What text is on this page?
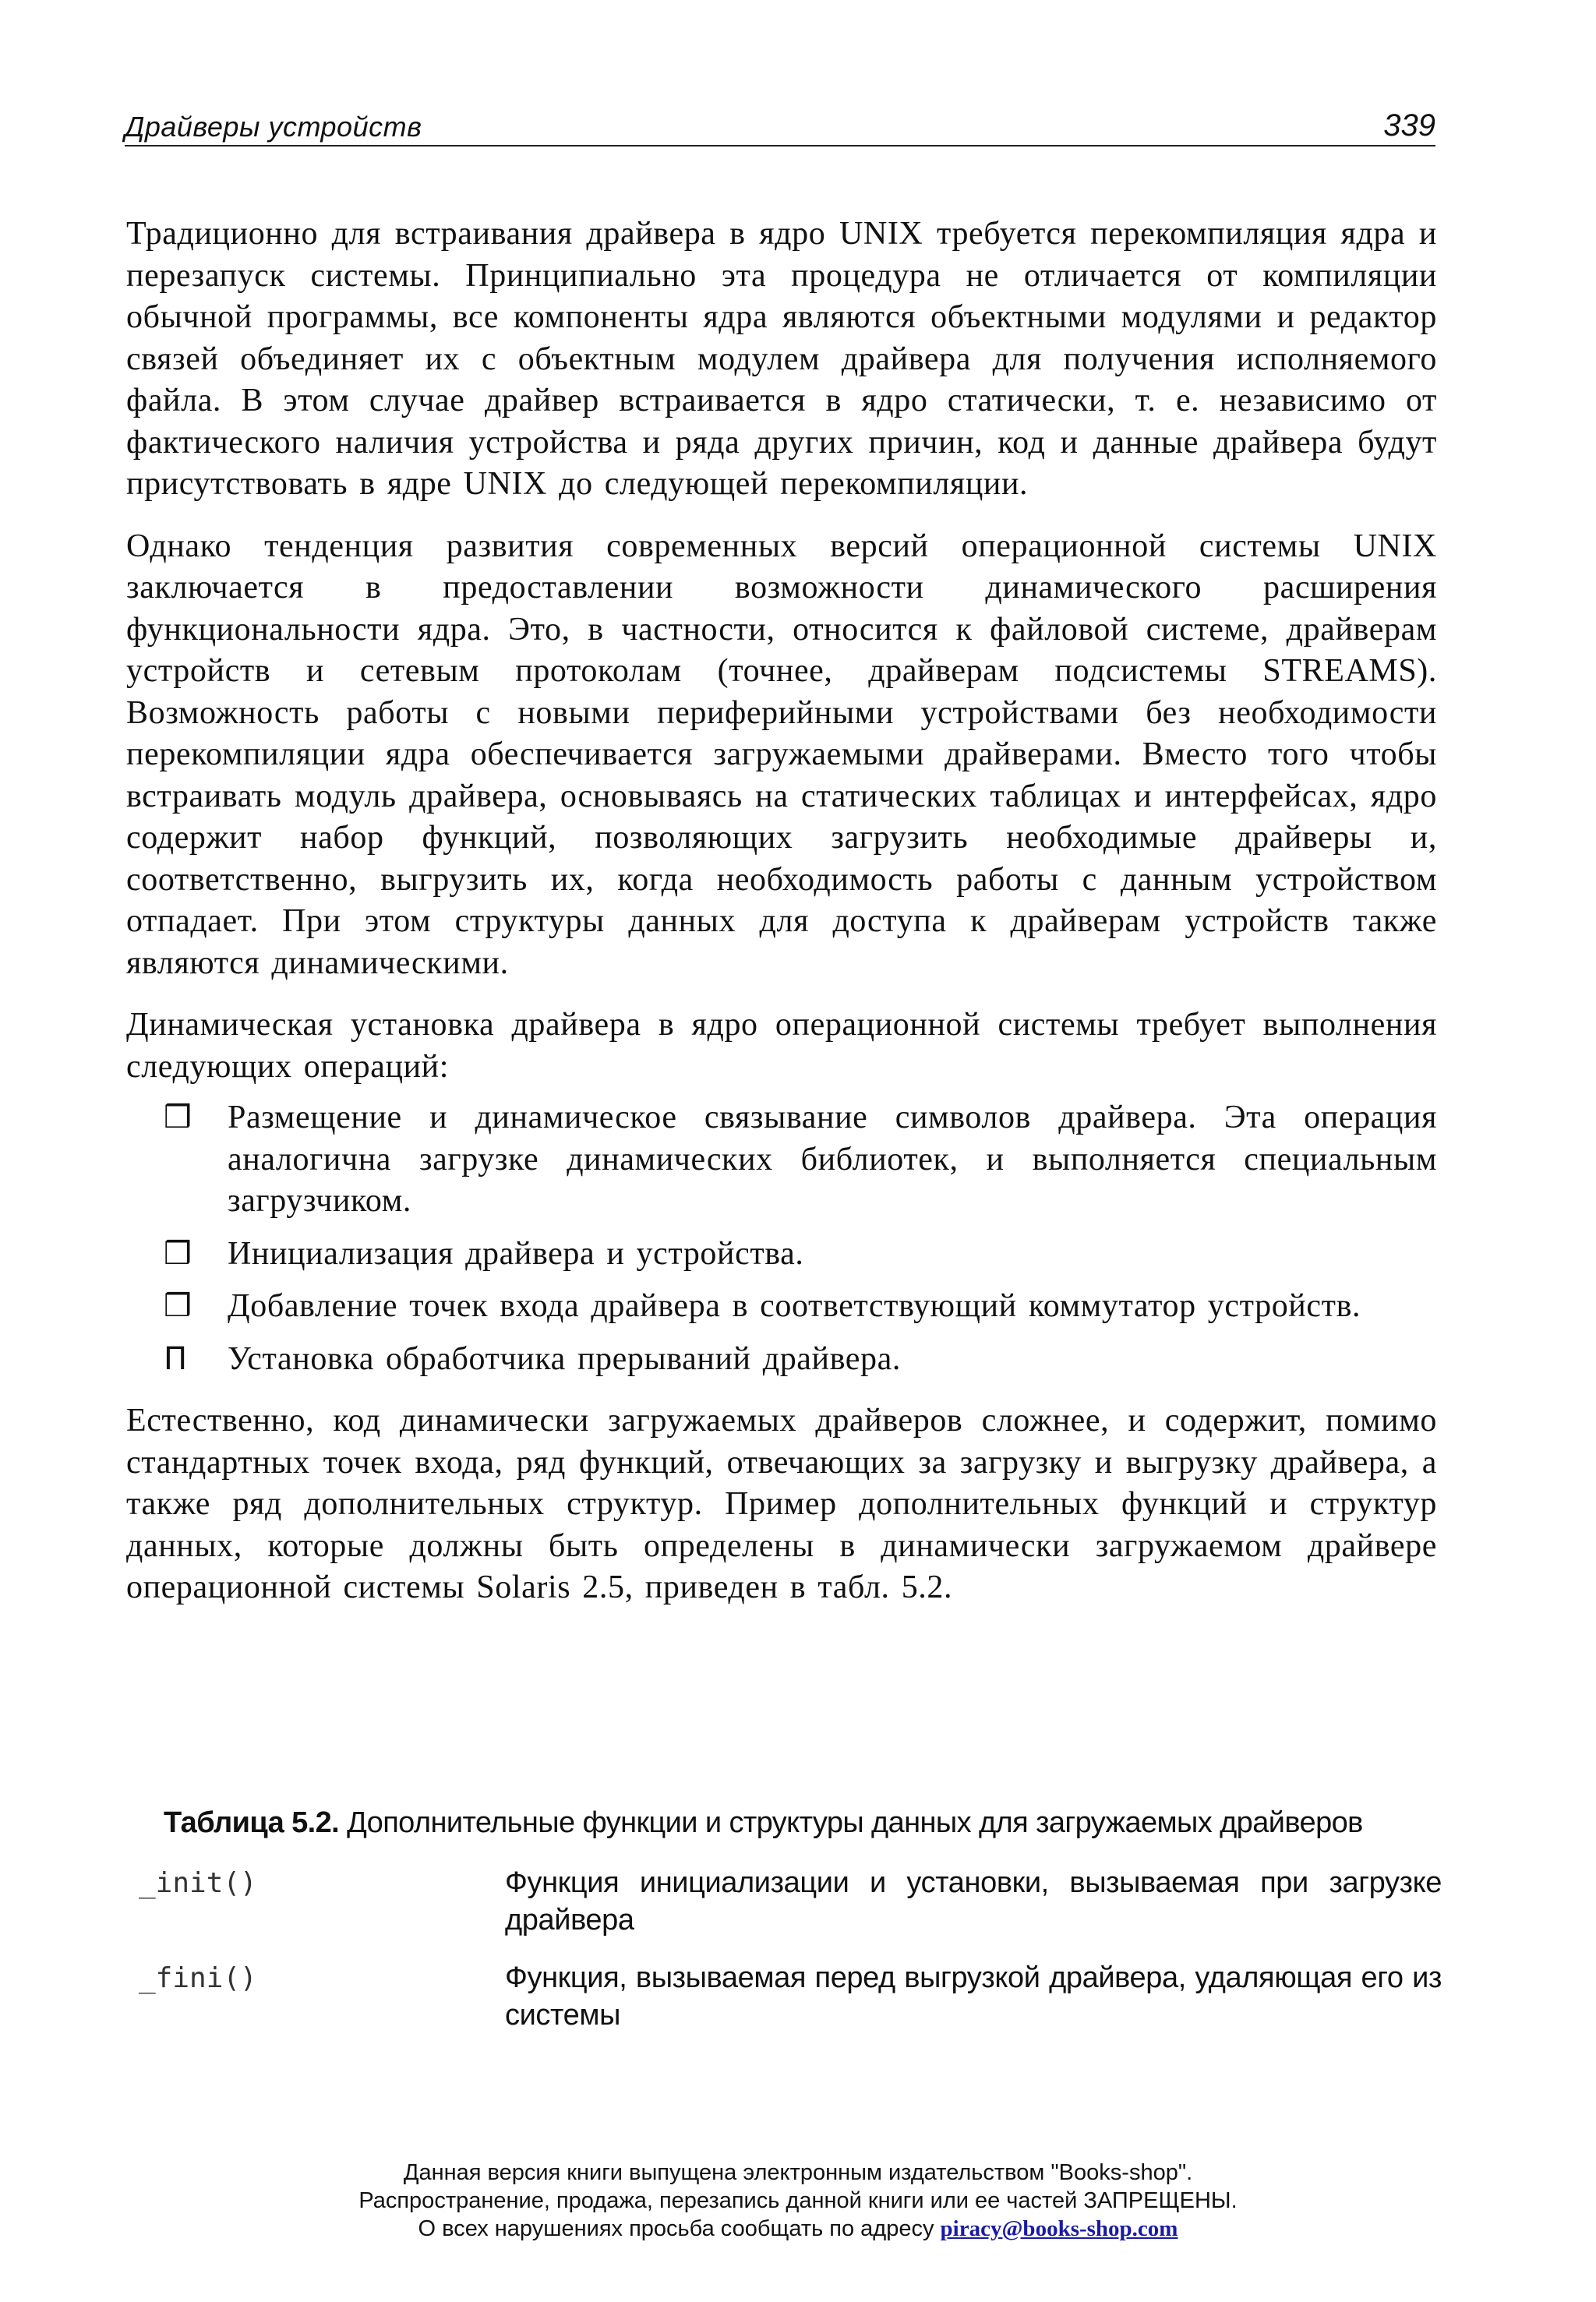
Драйверы устройств	339

Традиционно для встраивания драйвера в ядро UNIX требуется перекомпиляция ядра и перезапуск системы. Принципиально эта процедура не отличается от компиляции обычной программы, все компоненты ядра являются объектными модулями и редактор связей объединяет их с объектным модулем драйвера для получения исполняемого файла. В этом случае драйвер встраивается в ядро статически, т. е. независимо от фактического наличия устройства и ряда других причин, код и данные драйвера будут присутствовать в ядре UNIX до следующей перекомпиляции.

Однако тенденция развития современных версий операционной системы UNIX заключается в предоставлении возможности динамического расширения функциональности ядра. Это, в частности, относится к файловой системе, драйверам устройств и сетевым протоколам (точнее, драйверам подсистемы STREAMS). Возможность работы с новыми периферийными устройствами без необходимости перекомпиляции ядра обеспечивается загружаемыми драйверами. Вместо того чтобы встраивать модуль драйвера, основываясь на статических таблицах и интерфейсах, ядро содержит набор функций, позволяющих загрузить необходимые драйверы и, соответственно, выгрузить их, когда необходимость работы с данным устройством отпадает. При этом структуры данных для доступа к драйверам устройств также являются динамическими.

Динамическая установка драйвера в ядро операционной системы требует выполнения следующих операций:

❒	Размещение и динамическое связывание символов драйвера. Эта операция аналогична загрузке динамических библиотек, и выполняется специальным загрузчиком.
❒	Инициализация драйвера и устройства.
❒	Добавление точек входа драйвера в соответствующий коммутатор устройств.
П	Установка обработчика прерываний драйвера.

Естественно, код динамически загружаемых драйверов сложнее, и содержит, помимо стандартных точек входа, ряд функций, отвечающих за загрузку и выгрузку драйвера, а также ряд дополнительных структур. Пример дополнительных функций и структур данных, которые должны быть определены в динамически загружаемом драйвере операционной системы Solaris 2.5, приведен в табл. 5.2.

Таблица 5.2. Дополнительные функции и структуры данных для загружаемых драйверов
_init()	Функция инициализации и установки, вызываемая при загрузке драйвера
_fini()	Функция, вызываемая перед выгрузкой драйвера, удаляющая его из системы
Данная версия книги выпущена электронным издательством "Books-shop".
Распространение, продажа, перезапись данной книги или ее частей ЗАПРЕЩЕНЫ.
О всех нарушениях просьба сообщать по адресу piracy@books-shop.com
